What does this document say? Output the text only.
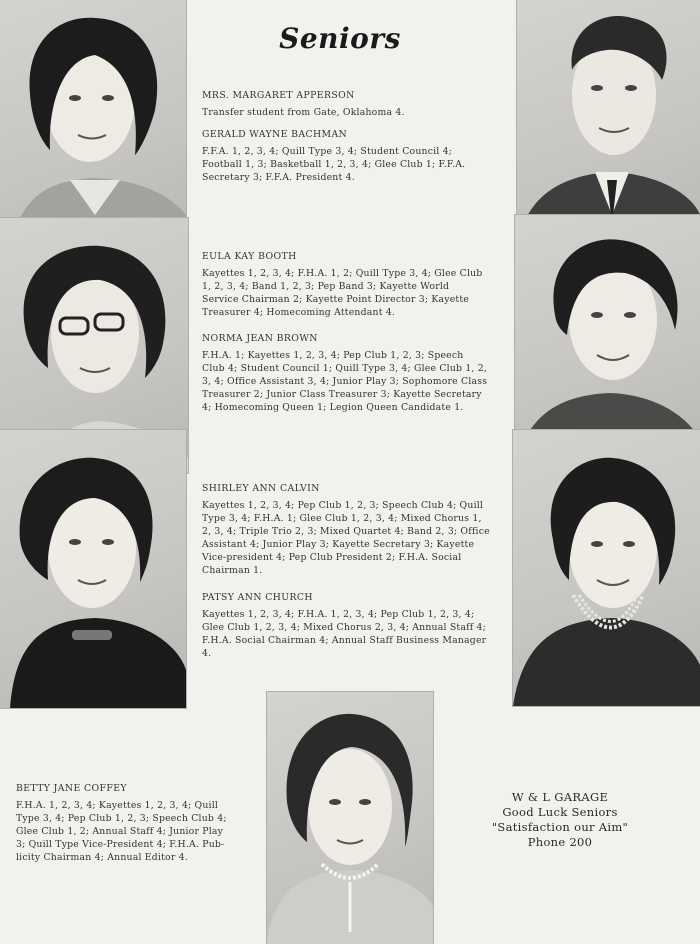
Seniors
MRS. MARGARET APPERSON
Transfer student from Gate, Oklahoma 4.
GERALD WAYNE BACHMAN
F.F.A. 1, 2, 3, 4; Quill Type 3, 4; Student Council 4; Football 1, 3; Basketball 1, 2, 3, 4; Glee Club 1; F.F.A. Secretary 3; F.F.A. President 4.
EULA KAY BOOTH
Kayettes 1, 2, 3, 4; F.H.A. 1, 2; Quill Type 3, 4; Glee Club 1, 2, 3, 4; Band 1, 2, 3; Pep Band 3; Kayette World Service Chairman 2; Kayette Point Director 3; Kayette Treasurer 4; Homecoming Attendant 4.
NORMA JEAN BROWN
F.H.A. 1; Kayettes 1, 2, 3, 4; Pep Club 1, 2, 3; Speech Club 4; Student Council 1; Quill Type 3, 4; Glee Club 1, 2, 3, 4; Office Assistant 3, 4; Junior Play 3; Sophomore Class Treasurer 2; Junior Class Treasurer 3; Kayette Secretary 4; Homecoming Queen 1; Legion Queen Candidate 1.
SHIRLEY ANN CALVIN
Kayettes 1, 2, 3, 4; Pep Club 1, 2, 3; Speech Club 4; Quill Type 3, 4; F.H.A. 1; Glee Club 1, 2, 3, 4; Mixed Chorus 1, 2, 3, 4; Triple Trio 2, 3; Mixed Quartet 4; Band 2, 3; Office Assistant 4; Junior Play 3; Kayette Secretary 3; Kayette Vice-president 4; Pep Club President 2; F.H.A. Social Chairman 1.
PATSY ANN CHURCH
Kayettes 1, 2, 3, 4; F.H.A. 1, 2, 3, 4; Pep Club 1, 2, 3, 4; Glee Club 1, 2, 3, 4; Mixed Chorus 2, 3, 4; Annual Staff 4; F.H.A. Social Chairman 4; Annual Staff Business Manager 4.
BETTY JANE COFFEY
F.H.A. 1, 2, 3, 4; Kayettes 1, 2, 3, 4; Quill Type 3, 4; Pep Club 1, 2, 3; Speech Club 4; Glee Club 1, 2; Annual Staff 4; Junior Play 3; Quill Type Vice-President 4; F.H.A. Publicity Chairman 4; Annual Editor 4.
W & L GARAGE
Good Luck Seniors
"Satisfaction our Aim"
Phone 200
